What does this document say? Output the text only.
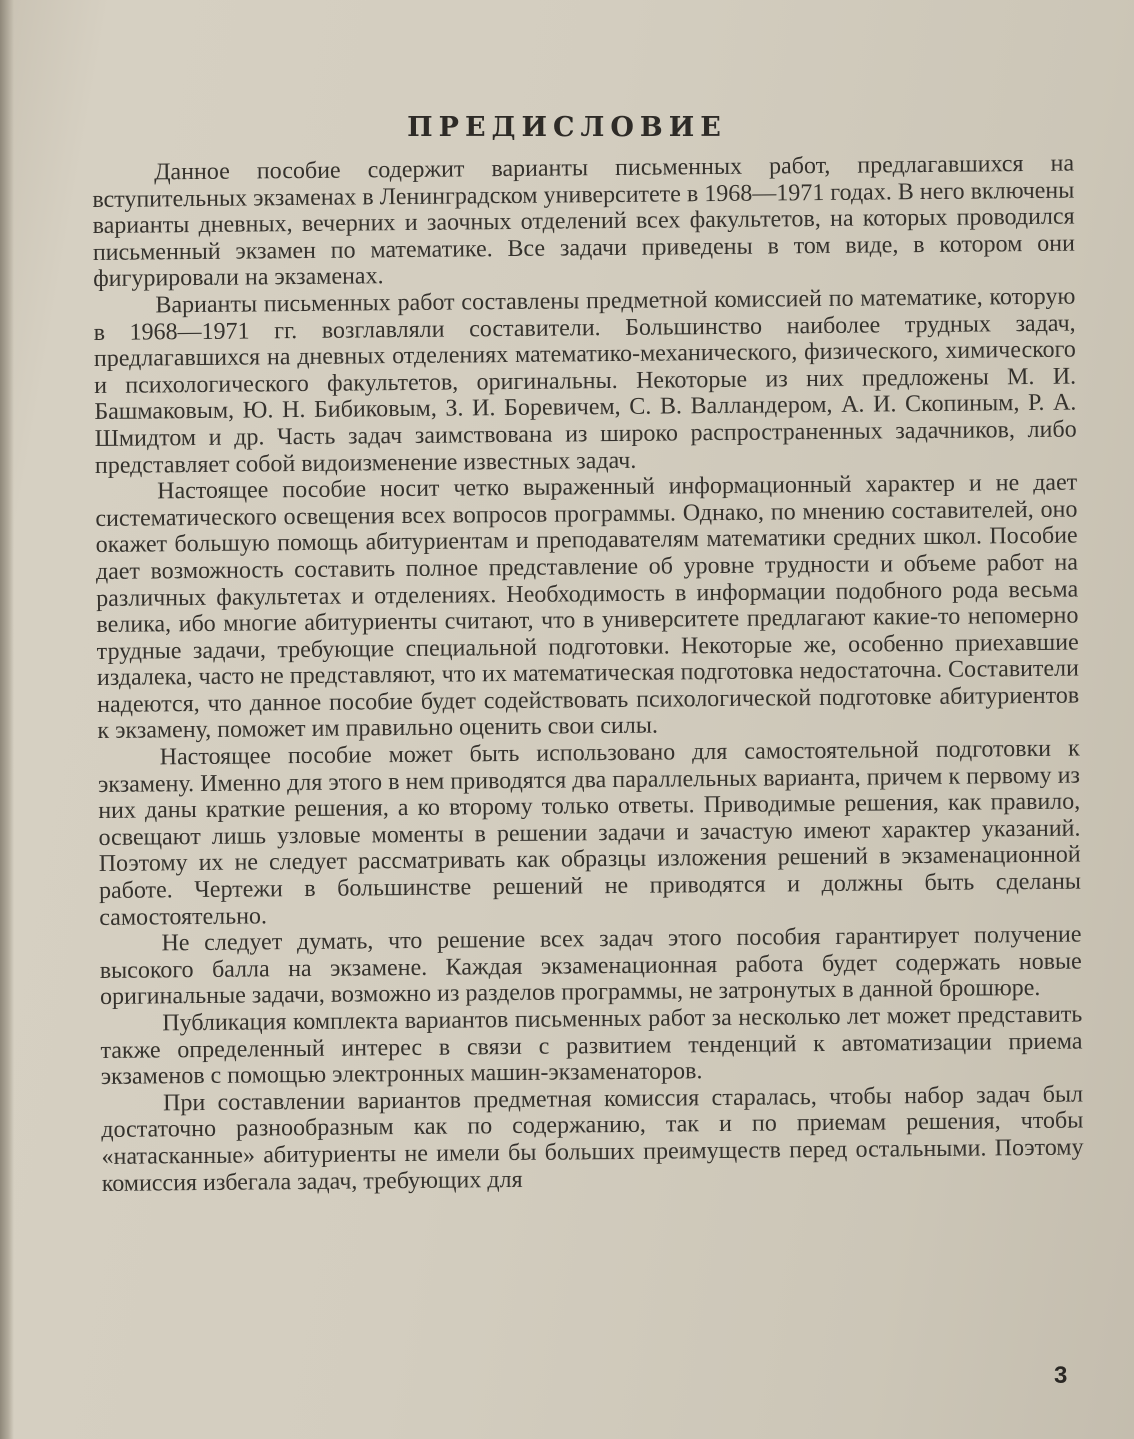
ПРЕДИСЛОВИЕ

Данное пособие содержит варианты письменных работ, предлагавшихся на вступительных экзаменах в Ленинградском университете в 1968—1971 годах. В него включены варианты дневных, вечерних и заочных отделений всех факультетов, на которых проводился письменный экзамен по математике. Все задачи приведены в том виде, в котором они фигурировали на экзаменах.

Варианты письменных работ составлены предметной комиссией по математике, которую в 1968—1971 гг. возглавляли составители. Большинство наиболее трудных задач, предлагавшихся на дневных отделениях математико-механического, физического, химического и психологического факультетов, оригинальны. Некоторые из них предложены М. И. Башмаковым, Ю. Н. Бибиковым, З. И. Боревичем, С. В. Валландером, А. И. Скопиным, Р. А. Шмидтом и др. Часть задач заимствована из широко распространенных задачников, либо представляет собой видоизменение известных задач.

Настоящее пособие носит четко выраженный информационный характер и не дает систематического освещения всех вопросов программы. Однако, по мнению составителей, оно окажет большую помощь абитуриентам и преподавателям математики средних школ. Пособие дает возможность составить полное представление об уровне трудности и объеме работ на различных факультетах и отделениях. Необходимость в информации подобного рода весьма велика, ибо многие абитуриенты считают, что в университете предлагают какие-то непомерно трудные задачи, требующие специальной подготовки. Некоторые же, особенно приехавшие издалека, часто не представляют, что их математическая подготовка недостаточна. Составители надеются, что данное пособие будет содействовать психологической подготовке абитуриентов к экзамену, поможет им правильно оценить свои силы.

Настоящее пособие может быть использовано для самостоятельной подготовки к экзамену. Именно для этого в нем приводятся два параллельных варианта, причем к первому из них даны краткие решения, а ко второму только ответы. Приводимые решения, как правило, освещают лишь узловые моменты в решении задачи и зачастую имеют характер указаний. Поэтому их не следует рассматривать как образцы изложения решений в экзаменационной работе. Чертежи в большинстве решений не приводятся и должны быть сделаны самостоятельно.

Не следует думать, что решение всех задач этого пособия гарантирует получение высокого балла на экзамене. Каждая экзаменационная работа будет содержать новые оригинальные задачи, возможно из разделов программы, не затронутых в данной брошюре.

Публикация комплекта вариантов письменных работ за несколько лет может представить также определенный интерес в связи с развитием тенденций к автоматизации приема экзаменов с помощью электронных машин-экзаменаторов.

При составлении вариантов предметная комиссия старалась, чтобы набор задач был достаточно разнообразным как по содержанию, так и по приемам решения, чтобы «натасканные» абитуриенты не имели бы больших преимуществ перед остальными. Поэтому комиссия избегала задач, требующих для

3
